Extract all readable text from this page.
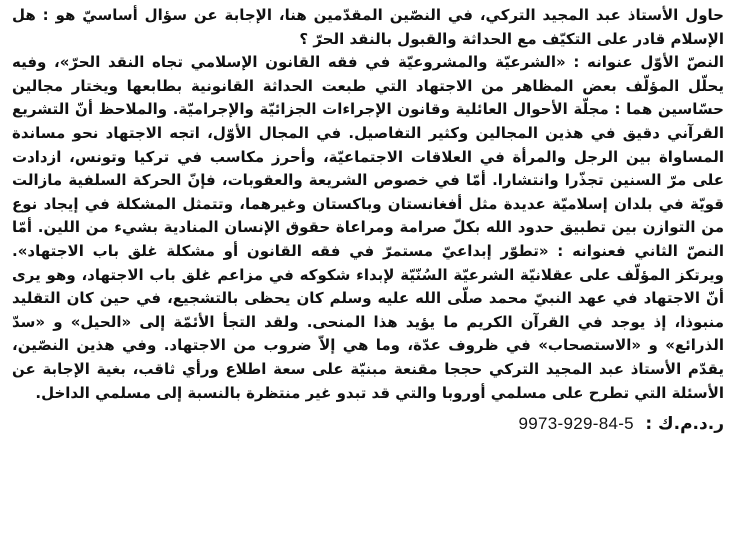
حاول الأستاذ عبد المجيد التركي، في النصّين المقدّمين هنا، الإجابة عن سؤال أساسيّ هو : هل الإسلام قادر على التكيّف مع الحداثة والقبول بالنقد الحرّ ؟

النصّ الأوّل عنوانه : «الشرعيّة والمشروعيّة في فقه القانون الإسلامي تجاه النقد الحرّ»، وفيه يحلّل المؤلّف بعض المظاهر من الاجتهاد التي طبعت الحداثة القانونية بطابعها ويختار مجالين حسّاسين هما : مجلّة الأحوال العائلية وقانون الإجراءات الجزائيّة والإجراميّة. والملاحظ أنّ التشريع القرآني دقيق في هذين المجالين وكثير التفاصيل. في المجال الأوّل، اتجه الاجتهاد نحو مساندة المساواة بين الرجل والمرأة في العلاقات الاجتماعيّة، وأحرز مكاسب في تركيا وتونس، ازدادت على مرّ السنين تجذّرا وانتشارا. أمّا في خصوص الشريعة والعقوبات، فإنّ الحركة السلفية مازالت قويّة في بلدان إسلاميّة عديدة مثل أفغانستان وباكستان وغيرهما، وتتمثل المشكلة في إيجاد نوع من التوازن بين تطبيق حدود الله بكلّ صرامة ومراعاة حقوق الإنسان المنادية بشيء من اللين. أمّا النصّ الثاني فعنوانه : «تطوّر إبداعيّ مستمرّ في فقه القانون أو مشكلة غلق باب الاجتهاد». ويرتكز المؤلّف على عقلانيّة الشرعيّة السُنّيّة لإبداء شكوكه في مزاعم غلق باب الاجتهاد، وهو يرى أنّ الاجتهاد في عهد النبيّ محمد صلّى الله عليه وسلم كان يحظى بالتشجيع، في حين كان التقليد منبوذا، إذ يوجد في القرآن الكريم ما يؤيد هذا المنحى. ولقد التجأ الأئمّة إلى «الحيل» و «سدّ الذرائع» و «الاستصحاب» في ظروف عدّة، وما هي إلاّ ضروب من الاجتهاد. وفي هذين النصّين، يقدّم الأستاذ عبد المجيد التركي حججا مقنعة مبنيّة على سعة اطلاع ورأي ثاقب، بغية الإجابة عن الأسئلة التي تطرح على مسلمي أوروبا والتي قد تبدو غير منتظرة بالنسبة إلى مسلمي الداخل.

ر.د.م.ك : 9973-929-84-5
